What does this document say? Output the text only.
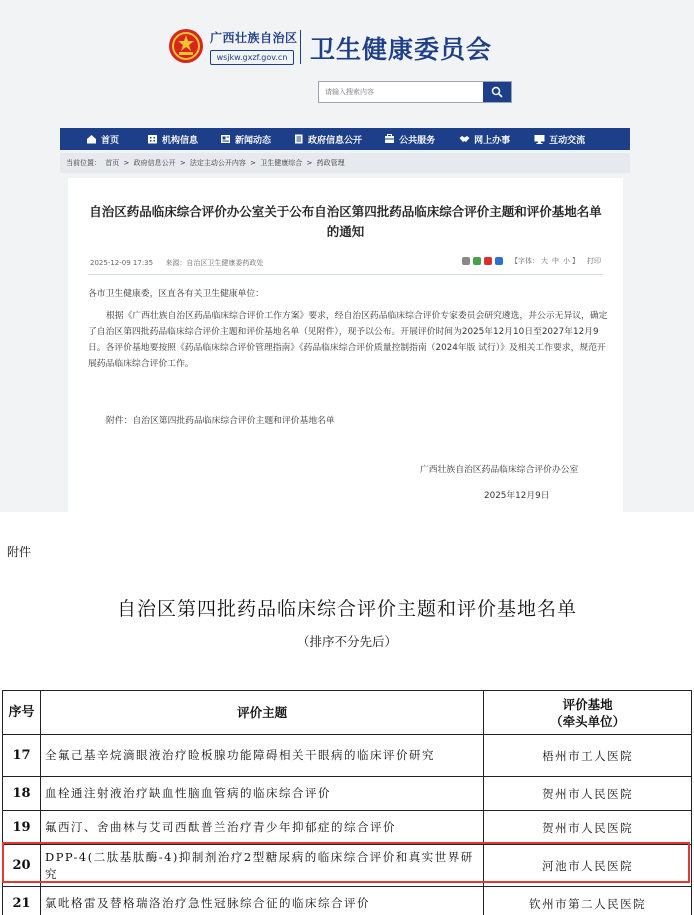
广西壮族自治区
wsjkw.gxzf.gov.cn 卫生健康委员会
请输入搜索内容
首页	机构信息	新闻动态	政府信息公开	公共服务	网上办事	互动交流
当前位置： 首页 > 政府信息公开 > 法定主动公开内容 > 卫生健康综合 > 药政管理
自治区药品临床综合评价办公室关于公布自治区第四批药品临床综合评价主题和评价基地名单的通知
2025-12-09 17:35 来源：自治区卫生健康委药政处	【字体： 大 中 小 】 打印
各市卫生健康委，区直各有关卫生健康单位：
根据《广西壮族自治区药品临床综合评价工作方案》要求，经自治区药品临床综合评价专家委员会研究遴选，并公示无异议，确定了自治区第四批药品临床综合评价主题和评价基地名单（见附件），现予以公布。开展评价时间为2025年12月10日至2027年12月9日。各评价基地要按照《药品临床综合评价管理指南》《药品临床综合评价质量控制指南（2024年版 试行）》及相关工作要求，规范开展药品临床综合评价工作。
附件：自治区第四批药品临床综合评价主题和评价基地名单
广西壮族自治区药品临床综合评价办公室
2025年12月9日
附件
自治区第四批药品临床综合评价主题和评价基地名单
（排序不分先后）
序号	评价主题	评价基地
（牵头单位）

17	全氟己基辛烷滴眼液治疗睑板腺功能障碍相关干眼病的临床评价研究	梧州市工人医院
18	血栓通注射液治疗缺血性脑血管病的临床综合评价	贺州市人民医院
19	氟西汀、舍曲林与艾司西酞普兰治疗青少年抑郁症的综合评价	贺州市人民医院
20	DPP-4(二肽基肽酶-4)抑制剂治疗2型糖尿病的临床综合评价和真实世界研究	河池市人民医院
21	氯吡格雷及替格瑞洛治疗急性冠脉综合征的临床综合评价	钦州市第二人民医院
